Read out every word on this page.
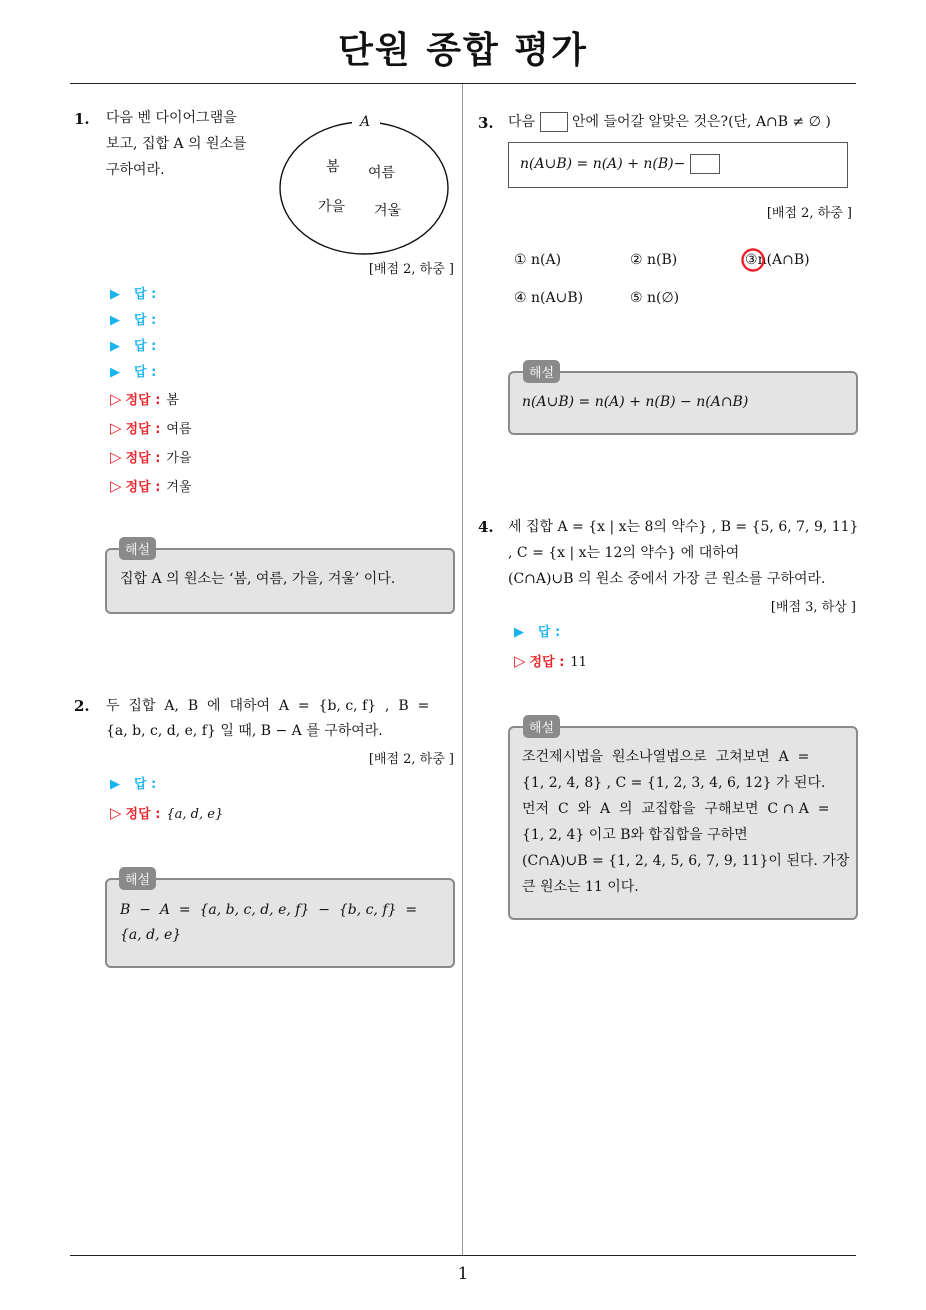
단원 종합 평가
1. 다음 벤 다이어그램을
보고, 집합 A 의 원소를
구하여라.
A
봄 여름
가을 겨울
[배점 2, 하중 ]
▶ 답 :
▶ 답 :
▶ 답 :
▶ 답 :
▷ 정답 : 봄
▷ 정답 : 여름
▷ 정답 : 가을
▷ 정답 : 겨울
해설
집합 A 의 원소는 ‘봄, 여름, 가을, 겨울’ 이다.
2. 두  집합  A,  B  에  대하여  A  =  {b, c, f}  ,  B  =
{a, b, c, d, e, f} 일 때, B − A 를 구하여라.
[배점 2, 하중 ]
▶ 답 :
▷ 정답 : {a, d, e}
해설
B  −  A  =  {a, b, c, d, e, f}  −  {b, c, f}  =
{a, d, e}
3. 다음	안에 들어갈 알맞은 것은?(단, A∩B ≠ ∅ )
n(A∪B) = n(A) + n(B)−
[배점 2, 하중 ]
① n(A)	② n(B)	③n(A∩B)
④ n(A∪B)	⑤ n(∅)
해설
n(A∪B) = n(A) + n(B) − n(A∩B)
4. 세 집합 A = {x | x는 8의 약수} , B = {5, 6, 7, 9, 11}
, C = {x | x는 12의 약수} 에 대하여
(C∩A)∪B 의 원소 중에서 가장 큰 원소를 구하여라.
[배점 3, 하상 ]
▶ 답 :
▷ 정답 : 11
해설
조건제시법을  원소나열법으로  고쳐보면  A  =
{1, 2, 4, 8} , C = {1, 2, 3, 4, 6, 12} 가 된다.
먼저  C  와  A  의  교집합을  구해보면  C ∩ A  =
{1, 2, 4} 이고 B와 합집합을 구하면
(C∩A)∪B = {1, 2, 4, 5, 6, 7, 9, 11}이 된다. 가장
큰 원소는 11 이다.
1
